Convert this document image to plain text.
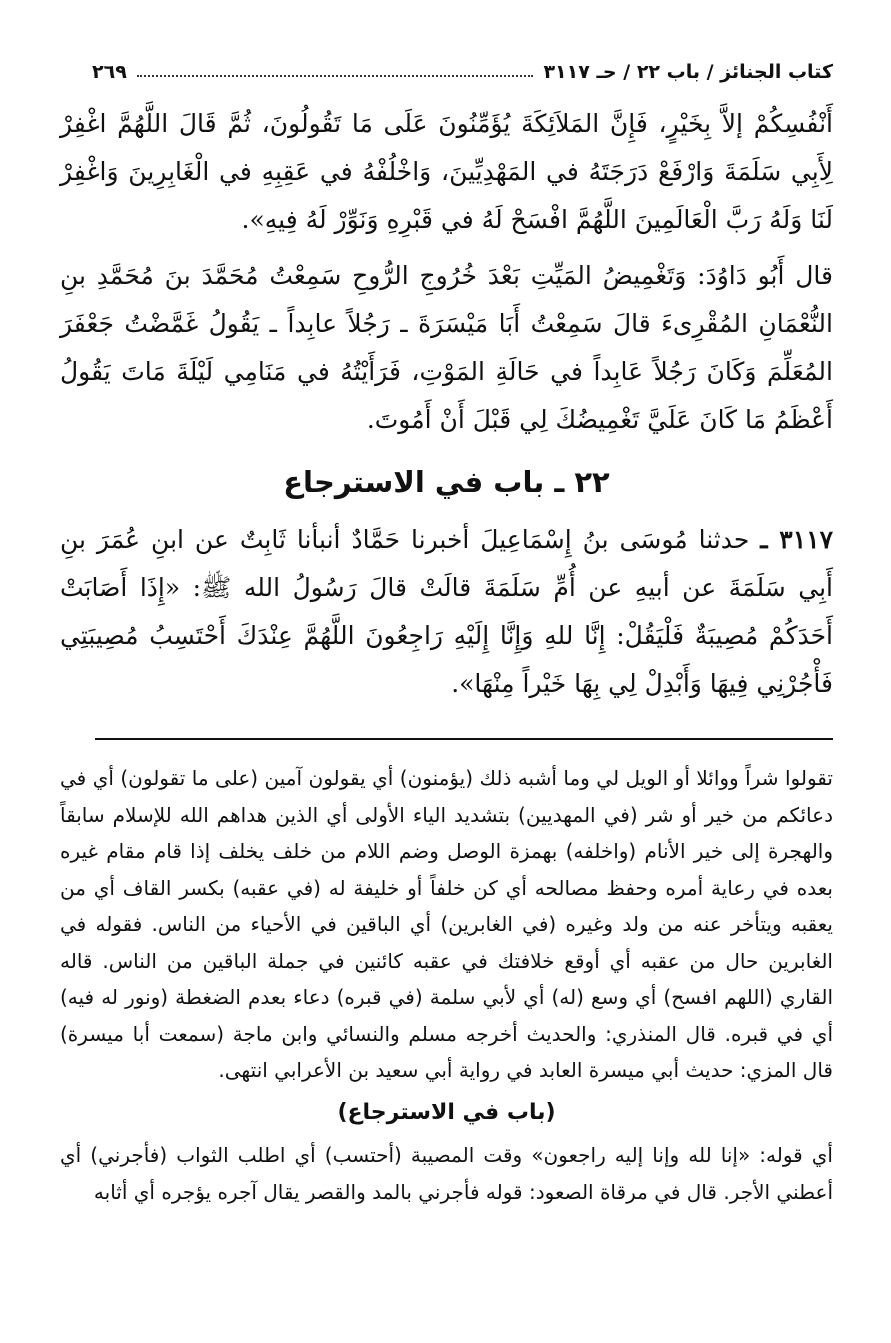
كتاب الجنائز / باب ٢٢ / حـ ٣١١٧
٢٦٩

أَنْفُسِكُمْ إلاَّ بِخَيْرٍ، فَإِنَّ المَلاَئِكَةَ يُؤَمِّنُونَ عَلَى مَا تَقُولُونَ، ثُمَّ قَالَ اللَّهُمَّ اغْفِرْ لِأَبِي سَلَمَةَ وَارْفَعْ دَرَجَتَهُ في المَهْدِيِّينَ، وَاخْلُفْهُ في عَقِبِهِ في الْغَابِرِينَ وَاغْفِرْ لَنَا وَلَهُ رَبَّ الْعَالَمِينَ اللَّهُمَّ افْسَحْ لَهُ في قَبْرِهِ وَنَوِّرْ لَهُ فِيهِ».

قال أَبُو دَاوُدَ: وَتَغْمِيضُ المَيِّتِ بَعْدَ خُرُوجِ الرُّوحِ سَمِعْتُ مُحَمَّدَ بنَ مُحَمَّدِ بنِ النُّعْمَانِ المُقْرِىءَ قالَ سَمِعْتُ أَبَا مَيْسَرَةَ ـ رَجُلاً عابِداً ـ يَقُولُ غَمَّضْتُ جَعْفَرَ المُعَلِّمَ وَكَانَ رَجُلاً عَابِداً في حَالَةِ المَوْتِ، فَرَأَيْتُهُ في مَنَامِي لَيْلَةَ مَاتَ يَقُولُ أَعْظَمُ مَا كَانَ عَلَيَّ تَغْمِيضُكَ لِي قَبْلَ أَنْ أَمُوتَ.

٢٢ ـ باب في الاسترجاع

٣١١٧ ـ حدثنا مُوسَى بنُ إِسْمَاعِيلَ أخبرنا حَمَّادٌ أنبأنا ثَابِتٌ عن ابنِ عُمَرَ بنِ أَبِي سَلَمَةَ عن أبيهِ عن أُمِّ سَلَمَةَ قالَتْ قالَ رَسُولُ الله ﷺ: «إِذَا أَصَابَتْ أَحَدَكُمْ مُصِيبَةٌ فَلْيَقُلْ: إِنَّا للهِ وَإِنَّا إِلَيْهِ رَاجِعُونَ اللَّهُمَّ عِنْدَكَ أَحْتَسِبُ مُصِيبَتِي فَأْجُرْنِي فِيهَا وَأَبْدِلْ لِي بِهَا خَيْراً مِنْهَا».

تقولوا شراً ووائلا أو الويل لي وما أشبه ذلك (يؤمنون) أي يقولون آمين (على ما تقولون) أي في دعائكم من خير أو شر (في المهديين) بتشديد الياء الأولى أي الذين هداهم الله للإسلام سابقاً والهجرة إلى خير الأنام (واخلفه) بهمزة الوصل وضم اللام من خلف يخلف إذا قام مقام غيره بعده في رعاية أمره وحفظ مصالحه أي كن خلفاً أو خليفة له (في عقبه) بكسر القاف أي من يعقبه ويتأخر عنه من ولد وغيره (في الغابرين) أي الباقين في الأحياء من الناس. فقوله في الغابرين حال من عقبه أي أوقع خلافتك في عقبه كائنين في جملة الباقين من الناس. قاله القاري (اللهم افسح) أي وسع (له) أي لأبي سلمة (في قبره) دعاء بعدم الضغطة (ونور له فيه) أي في قبره. قال المنذري: والحديث أخرجه مسلم والنسائي وابن ماجة (سمعت أبا ميسرة) قال المزي: حديث أبي ميسرة العابد في رواية أبي سعيد بن الأعرابي انتهى.

(باب في الاسترجاع)

أي قوله: «إنا لله وإنا إليه راجعون» وقت المصيبة (أحتسب) أي اطلب الثواب (فأجرني) أي أعطني الأجر. قال في مرقاة الصعود: قوله فأجرني بالمد والقصر يقال آجره يؤجره أي أثابه
